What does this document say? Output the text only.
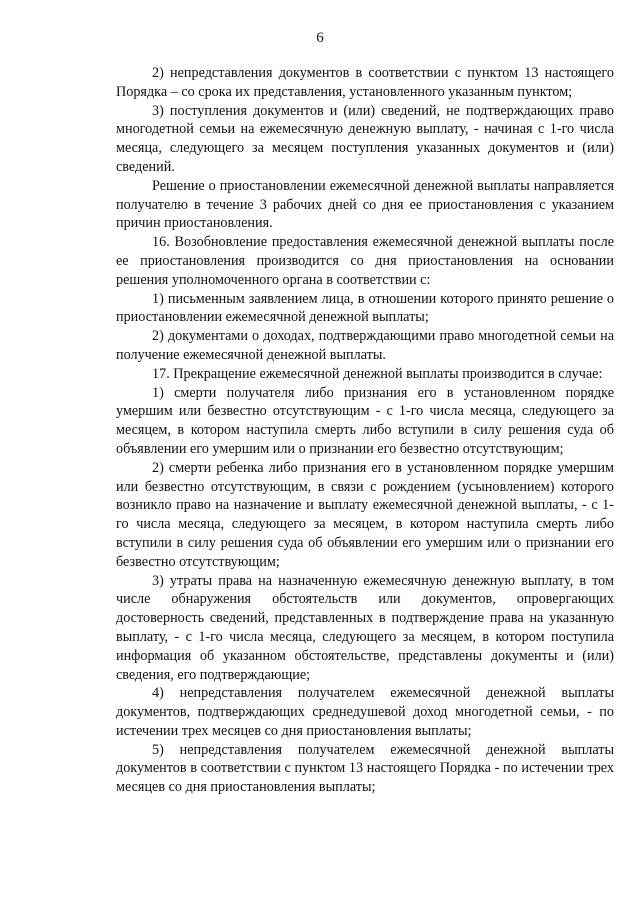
6

2) непредставления документов в соответствии с пунктом 13 настоящего Порядка – со срока их представления, установленного указанным пунктом;

3) поступления документов и (или) сведений, не подтверждающих право многодетной семьи на ежемесячную денежную выплату, - начиная с 1-го числа месяца, следующего за месяцем поступления указанных документов и (или) сведений.

Решение о приостановлении ежемесячной денежной выплаты направляется получателю в течение 3 рабочих дней со дня ее приостановления с указанием причин приостановления.

16. Возобновление предоставления ежемесячной денежной выплаты после ее приостановления производится со дня приостановления на основании решения уполномоченного органа в соответствии с:

1) письменным заявлением лица, в отношении которого принято решение о приостановлении ежемесячной денежной выплаты;

2) документами о доходах, подтверждающими право многодетной семьи на получение ежемесячной денежной выплаты.

17. Прекращение ежемесячной денежной выплаты производится в случае:

1) смерти получателя либо признания его в установленном порядке умершим или безвестно отсутствующим - с 1-го числа месяца, следующего за месяцем, в котором наступила смерть либо вступили в силу решения суда об объявлении его умершим или о признании его безвестно отсутствующим;

2) смерти ребенка либо признания его в установленном порядке умершим или безвестно отсутствующим, в связи с рождением (усыновлением) которого возникло право на назначение и выплату ежемесячной денежной выплаты, - с 1-го числа месяца, следующего за месяцем, в котором наступила смерть либо вступили в силу решения суда об объявлении его умершим или о признании его безвестно отсутствующим;

3) утраты права на назначенную ежемесячную денежную выплату, в том числе обнаружения обстоятельств или документов, опровергающих достоверность сведений, представленных в подтверждение права на указанную выплату, - с 1-го числа месяца, следующего за месяцем, в котором поступила информация об указанном обстоятельстве, представлены документы и (или) сведения, его подтверждающие;

4) непредставления получателем ежемесячной денежной выплаты документов, подтверждающих среднедушевой доход многодетной семьи, - по истечении трех месяцев со дня приостановления выплаты;

5) непредставления получателем ежемесячной денежной выплаты документов в соответствии с пунктом 13 настоящего Порядка - по истечении трех месяцев со дня приостановления выплаты;
